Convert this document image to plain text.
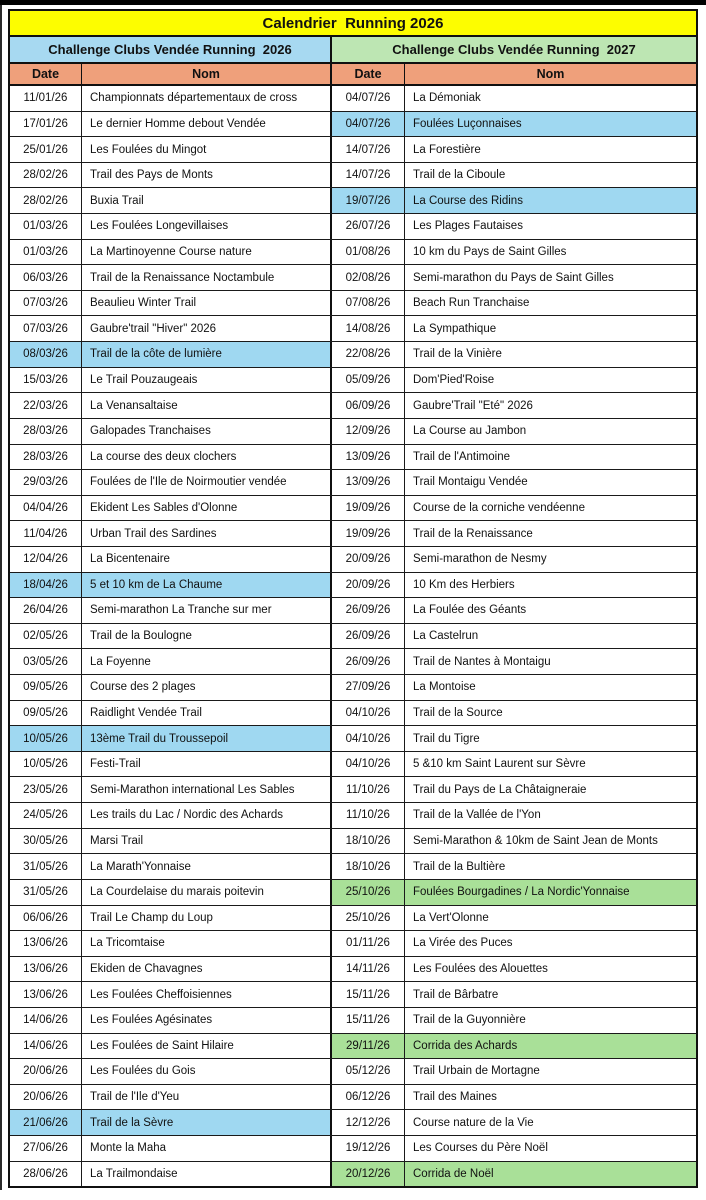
Calendrier  Running 2026
Challenge Clubs Vendée Running  2026	Challenge Clubs Vendée Running  2027
Date	Nom	Date	Nom
11/01/26	Championnats départementaux de cross	04/07/26	La Démoniak
17/01/26	Le dernier Homme debout Vendée	04/07/26	Foulées Luçonnaises
25/01/26	Les Foulées du Mingot	14/07/26	La Forestière
28/02/26	Trail des Pays de Monts	14/07/26	Trail de la Ciboule
28/02/26	Buxia Trail	19/07/26	La Course des Ridins
01/03/26	Les Foulées Longevillaises	26/07/26	Les Plages Fautaises
01/03/26	La Martinoyenne Course nature	01/08/26	10 km du Pays de Saint Gilles
06/03/26	Trail de la Renaissance Noctambule	02/08/26	Semi-marathon du Pays de Saint Gilles
07/03/26	Beaulieu Winter Trail	07/08/26	Beach Run Tranchaise
07/03/26	Gaubre'trail "Hiver" 2026	14/08/26	La Sympathique
08/03/26	Trail de la côte de lumière	22/08/26	Trail de la Vinière
15/03/26	Le Trail Pouzaugeais	05/09/26	Dom'Pied'Roise
22/03/26	La Venansaltaise	06/09/26	Gaubre'Trail "Eté" 2026
28/03/26	Galopades Tranchaises	12/09/26	La Course au Jambon
28/03/26	La course des deux clochers	13/09/26	Trail de l'Antimoine
29/03/26	Foulées de l'Ile de Noirmoutier vendée	13/09/26	Trail Montaigu Vendée
04/04/26	Ekident Les Sables d'Olonne	19/09/26	Course de la corniche vendéenne
11/04/26	Urban Trail des Sardines	19/09/26	Trail de la Renaissance
12/04/26	La Bicentenaire	20/09/26	Semi-marathon de Nesmy
18/04/26	5 et 10 km de La Chaume	20/09/26	10 Km des Herbiers
26/04/26	Semi-marathon La Tranche sur mer	26/09/26	La Foulée des Géants
02/05/26	Trail de la Boulogne	26/09/26	La Castelrun
03/05/26	La Foyenne	26/09/26	Trail de Nantes à Montaigu
09/05/26	Course des 2 plages	27/09/26	La Montoise
09/05/26	Raidlight Vendée Trail	04/10/26	Trail de la Source
10/05/26	13ème Trail du Troussepoil	04/10/26	Trail du Tigre
10/05/26	Festi-Trail	04/10/26	5 &10 km Saint Laurent sur Sèvre
23/05/26	Semi-Marathon international Les Sables	11/10/26	Trail du Pays de La Châtaigneraie
24/05/26	Les trails du Lac / Nordic des Achards	11/10/26	Trail de la Vallée de l'Yon
30/05/26	Marsi Trail	18/10/26	Semi-Marathon & 10km de Saint Jean de Monts
31/05/26	La Marath'Yonnaise	18/10/26	Trail de la Bultière
31/05/26	La Courdelaise du marais poitevin	25/10/26	Foulées Bourgadines / La Nordic'Yonnaise
06/06/26	Trail Le Champ du Loup	25/10/26	La Vert'Olonne
13/06/26	La Tricomtaise	01/11/26	La Virée des Puces
13/06/26	Ekiden de Chavagnes	14/11/26	Les Foulées des Alouettes
13/06/26	Les Foulées Cheffoisiennes	15/11/26	Trail de Bârbatre
14/06/26	Les Foulées Agésinates	15/11/26	Trail de la Guyonnière
14/06/26	Les Foulées de Saint Hilaire	29/11/26	Corrida des Achards
20/06/26	Les Foulées du Gois	05/12/26	Trail Urbain de Mortagne
20/06/26	Trail de l'Ile d'Yeu	06/12/26	Trail des Maines
21/06/26	Trail de la Sèvre	12/12/26	Course nature de la Vie
27/06/26	Monte la Maha	19/12/26	Les Courses du Père Noël
28/06/26	La Trailmondaise	20/12/26	Corrida de Noël
